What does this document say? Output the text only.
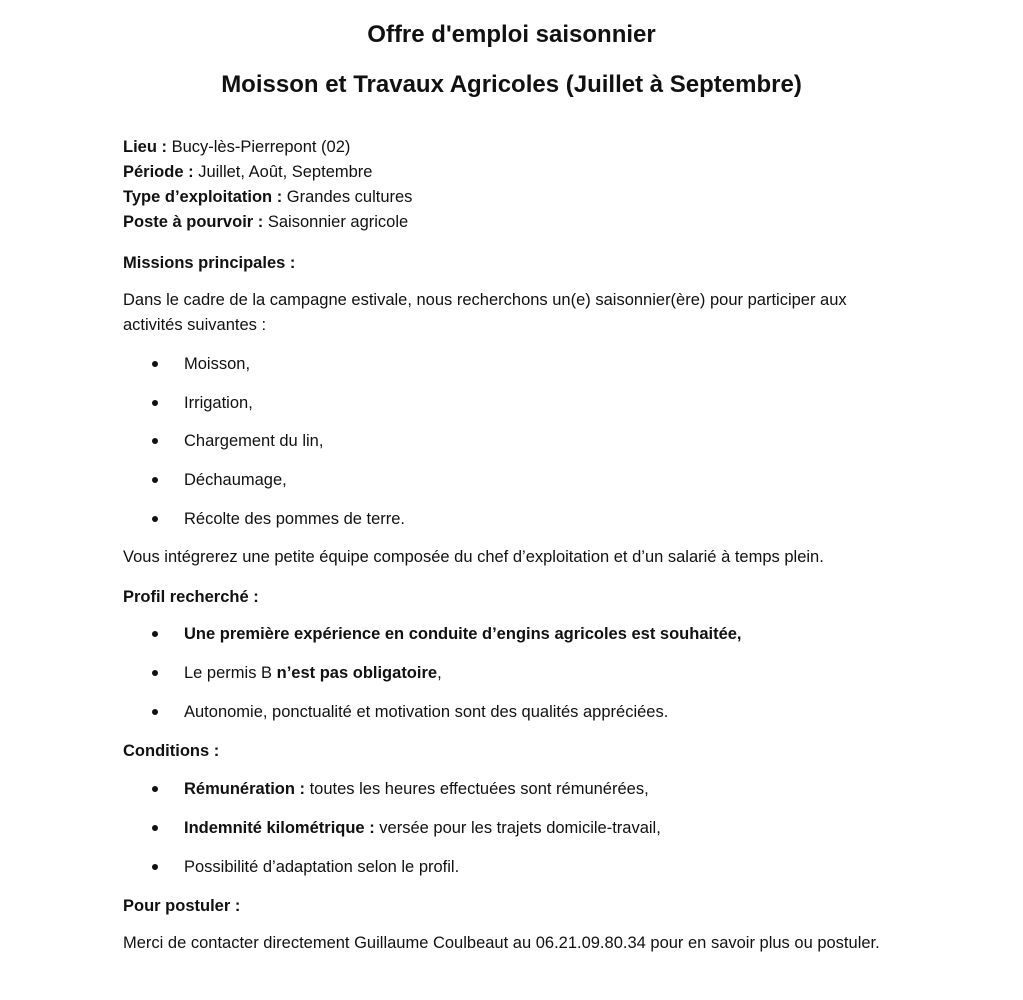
Offre d'emploi saisonnier
Moisson et Travaux Agricoles (Juillet à Septembre)

Lieu : Bucy-lès-Pierrepont (02)

Période : Juillet, Août, Septembre

Type d’exploitation : Grandes cultures

Poste à pourvoir : Saisonnier agricole

Missions principales :

Dans le cadre de la campagne estivale, nous recherchons un(e) saisonnier(ère) pour participer aux activités suivantes :

Moisson,
Irrigation,
Chargement du lin,
Déchaumage,
Récolte des pommes de terre.

Vous intégrerez une petite équipe composée du chef d’exploitation et d’un salarié à temps plein.

Profil recherché :

Une première expérience en conduite d’engins agricoles est souhaitée,
Le permis B n’est pas obligatoire,
Autonomie, ponctualité et motivation sont des qualités appréciées.

Conditions :

Rémunération : toutes les heures effectuées sont rémunérées,
Indemnité kilométrique : versée pour les trajets domicile-travail,
Possibilité d’adaptation selon le profil.

Pour postuler :

Merci de contacter directement Guillaume Coulbeaut au 06.21.09.80.34 pour en savoir plus ou postuler.
